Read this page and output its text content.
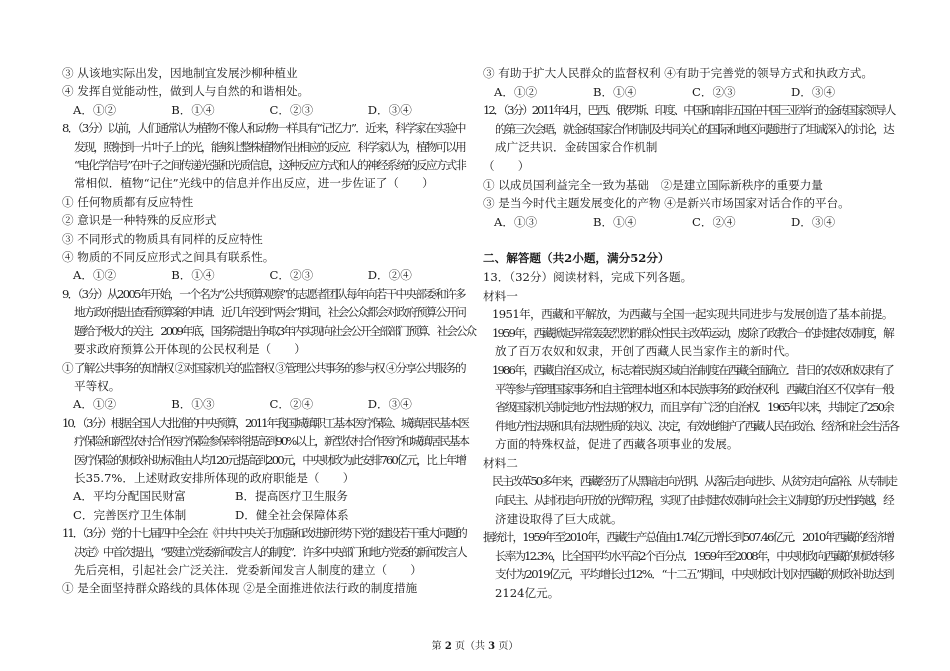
③ 从该地实际出发，因地制宜发展沙柳种植业
④ 发挥自觉能动性，做到人与自然的和谐相处。
A．①②	B．①④	C．②③	D．③④
8．（3分）以前，人们通常认为植物不像人和动物一样具有“记忆力”．近来，科学家在实验中
发现，照射到一片叶子上的光，能够让整株植物作出相应的反应．科学家认为，植物可以用
“电化学信号”在叶子之间传递光强和光质信息，这种反应方式和人的神经系统的反应方式非
常相似．植物“记住”光线中的信息并作出反应，进一步佐证了（　　）
① 任何物质都有反应特性
② 意识是一种特殊的反应形式
③ 不同形式的物质具有同样的反应特性
④ 物质的不同反应形式之间具有联系性。
A．①②	B．①④	C．②③	D．②④
9．（3分）从2005年开始，一个名为“公共预算观察”的志愿者团队每年向若干中央部委和许多
地方政府提出查看预算案的申请．近几年没到“两会”期间，社会公众都会对政府预算公开问
题给予极大的关注．2009年底，国务院提出争取3年内实现向社会公开全部部门预算．社会公众
要求政府预算公开体现的公民权利是（　　）
① 了解公共事务的知情权 ②对国家机关的监督权 ③管理公共事务的参与权 ④分享公共服务的
平等权。
A．①②	B．①③	C．②④	D．③④
10．（3分）根据全国人大批准的中央预算，2011年我国城镇职工基本医疗保险、城镇居民基本医
疗保险和新型农村合作医疗保险参保率将提高到90%以上，新型农村合作医疗和城镇居民基本
医疗保险的财政补助标准由人均120元提高到200元，中央财政为此安排760亿元，比上年增
长35.7%．上述财政安排所体现的政府职能是（　　）
A．平均分配国民财富	B．提高医疗卫生服务
C．完善医疗卫生体制	D．健全社会保障体系
11．（3分）党的十七届四中全会在《中共中央关于加强和改进新形势下党的建设若干重大问题的
决定》中首次提出，“要建立党委新闻发言人的制度”．许多中央部门和地方党委的新闻发言人
先后亮相，引起社会广泛关注．党委新闻发言人制度的建立（　　）
① 是全面坚持群众路线的具体体现 ②是全面推进依法行政的制度措施
③ 有助于扩大人民群众的监督权利 ④有助于完善党的领导方式和执政方式。
A．①②	B．①④	C．②③	D．③④
12．（3分）2011年4月，巴西、俄罗斯、印度、中国和南非五国在中国三亚举行的金砖国家领导人
的第三次会晤，就金砖国家合作机制及共同关心的国际和地区问题进行了坦诚深入的讨论，达
成广泛共识．金砖国家合作机制
（　　）
① 以成员国利益完全一致为基础　②是建立国际新秩序的重要力量
③ 是当今时代主题发展变化的产物 ④是新兴市场国家对话合作的平台。
A．①③	B．①④	C．②④	D．③④
二、解答题（共2小题，满分52分）
13．（32分）阅读材料，完成下列各题。
材料一
1951年，西藏和平解放，为西藏与全国一起实现共同进步与发展创造了基本前提。
1959年，西藏掀起异常轰轰烈烈的群众性民主改革运动，废除了政教合一的封建农奴制度，解
放了百万农奴和奴隶，开创了西藏人民当家作主的新时代。
1986年，西藏自治区成立，标志着民族区域自治制度在西藏全面确立．昔日的农奴和奴隶有了
平等参与管理国家事务和自主管理本地区和本民族事务的政治权利．西藏自治区不仅享有一般
省级国家机关制定地方性法规的权力，而且享有广泛的自治权．1965年以来，共制定了250余
件地方性法规和具有法规性质的决议、决定，有效地维护了西藏人民在政治、经济和社会生活各
方面的特殊权益，促进了西藏各项事业的发展。
材料二
民主改革50多年来，西藏经历了从黑暗走向光明、从落后走向进步、从贫穷走向富裕、从专制走
向民主、从封闭走向开放的光辉历程，实现了由封建农奴制向社会主义制度的历史性跨越，经
济建设取得了巨大成就。
据统计，1959年至2010年，西藏生产总值由1.74亿元增长到507.46亿元．2010年西藏的经济增
长率为12.3%，比全国平均水平高2个百分点．1959年至2008年，中央财政向西藏的财政转移
支付为2019亿元，平均增长过12%．“十二五”期间，中央财政计划对西藏的财政补助达到
2124亿元。
第 2 页（共 3 页）
